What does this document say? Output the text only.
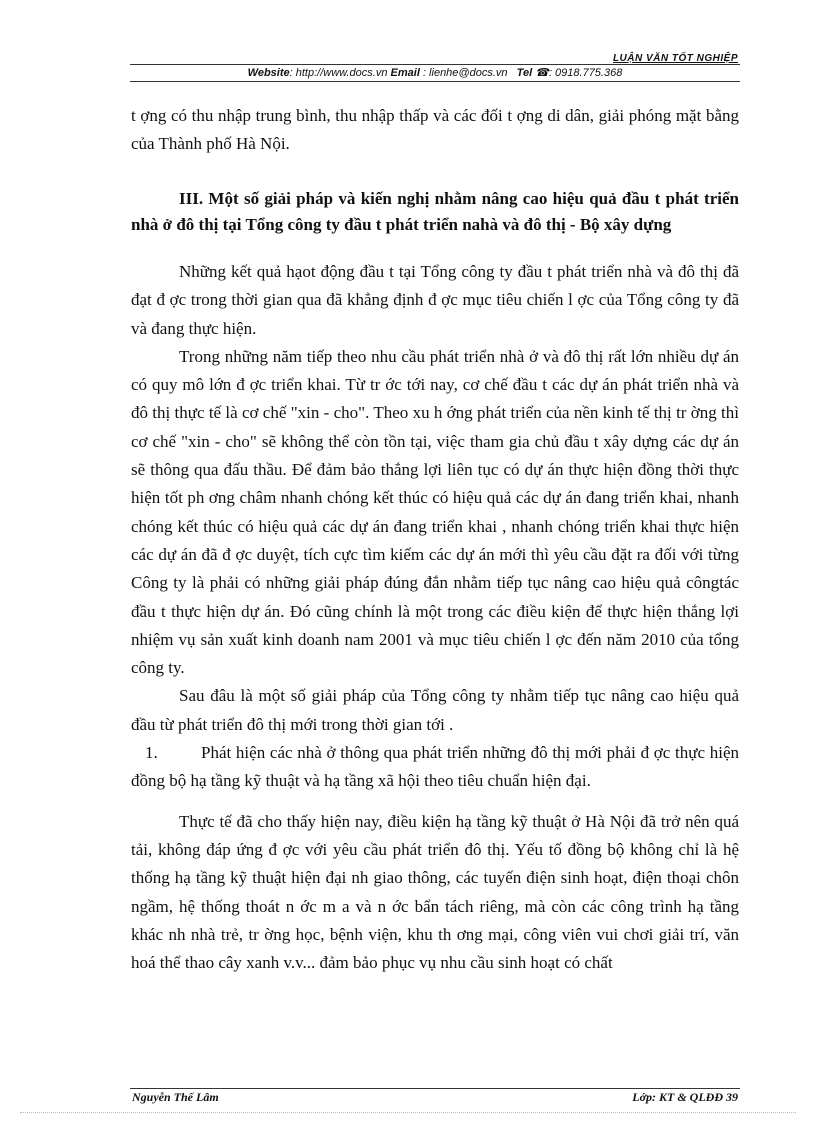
LUẬN VĂN TỐT NGHIỆP
Website: http://www.docs.vn Email : lienhe@docs.vn Tel ☎: 0918.775.368

t ợng có thu nhập trung bình, thu nhập thấp và các đối t ợng di dân, giải phóng mặt bằng của Thành phố Hà Nội.

III. Một số giải pháp và kiến nghị nhằm nâng cao hiệu quả đầu t phát triển nhà ở đô thị tại Tổng công ty đầu t phát triển nahà và đô thị - Bộ xây dựng

Những kết quả hạot động đầu t tại Tổng công ty đầu t phát triển nhà và đô thị đã đạt đ ợc trong thời gian qua đã khẳng định đ ợc mục tiêu chiến l ợc của Tổng công ty đã và đang thực hiện.

Trong những năm tiếp theo nhu cầu phát triển nhà ở và đô thị rất lớn nhiều dự án có quy mô lớn đ ợc triển khai. Từ tr ớc tới nay, cơ chế đầu t các dự án phát triển nhà và đô thị thực tế là cơ chế "xin - cho". Theo xu h ớng phát triển của nền kinh tế thị tr ờng thì cơ chế "xin - cho" sẽ không thể còn tồn tại, việc tham gia chủ đầu t xây dựng các dự án sẽ thông qua đấu thầu. Để đảm bảo thắng lợi liên tục có dự án thực hiện đồng thời thực hiện tốt ph ơng châm nhanh chóng kết thúc có hiệu quả các dự án đang triển khai, nhanh chóng kết thúc có hiệu quả các dự án đang triển khai , nhanh chóng triển khai thực hiện các dự án đã đ ợc duyệt, tích cực tìm kiếm các dự án mới thì yêu cầu đặt ra đối với từng Công ty là phải có những giải pháp đúng đắn nhằm tiếp tục nâng cao hiệu quả côngtác đầu t thực hiện dự án. Đó cũng chính là một trong các điều kiện để thực hiện thắng lợi nhiệm vụ sản xuất kinh doanh nam 2001 và mục tiêu chiến l ợc đến năm 2010 của tổng công ty.

Sau đâu là một số giải pháp của Tổng công ty nhằm tiếp tục nâng cao hiệu quả đầu từ phát triển đô thị mới trong thời gian tới .

1.	Phát hiện các nhà ở thông qua phát triển những đô thị mới phải đ ợc thực hiện đồng bộ hạ tầng kỹ thuật và hạ tầng xã hội theo tiêu chuẩn hiện đại.

Thực tế đã cho thấy hiện nay, điều kiện hạ tầng kỹ thuật ở Hà Nội đã trở nên quá tải, không đáp ứng đ ợc với yêu cầu phát triển đô thị. Yếu tố đồng bộ không chỉ là hệ thống hạ tầng kỹ thuật hiện đại nh giao thông, các tuyến điện sinh hoạt, điện thoại chôn ngầm, hệ thống thoát n ớc m a và n ớc bẩn tách riêng, mà còn các công trình hạ tầng khác nh nhà trẻ, tr ờng học, bệnh viện, khu th ơng mại, công viên vui chơi giải trí, văn hoá thể thao cây xanh v.v... đảm bảo phục vụ nhu cầu sinh hoạt có chất

Nguyễn Thế Lâm	Lớp: KT & QLĐĐ 39
